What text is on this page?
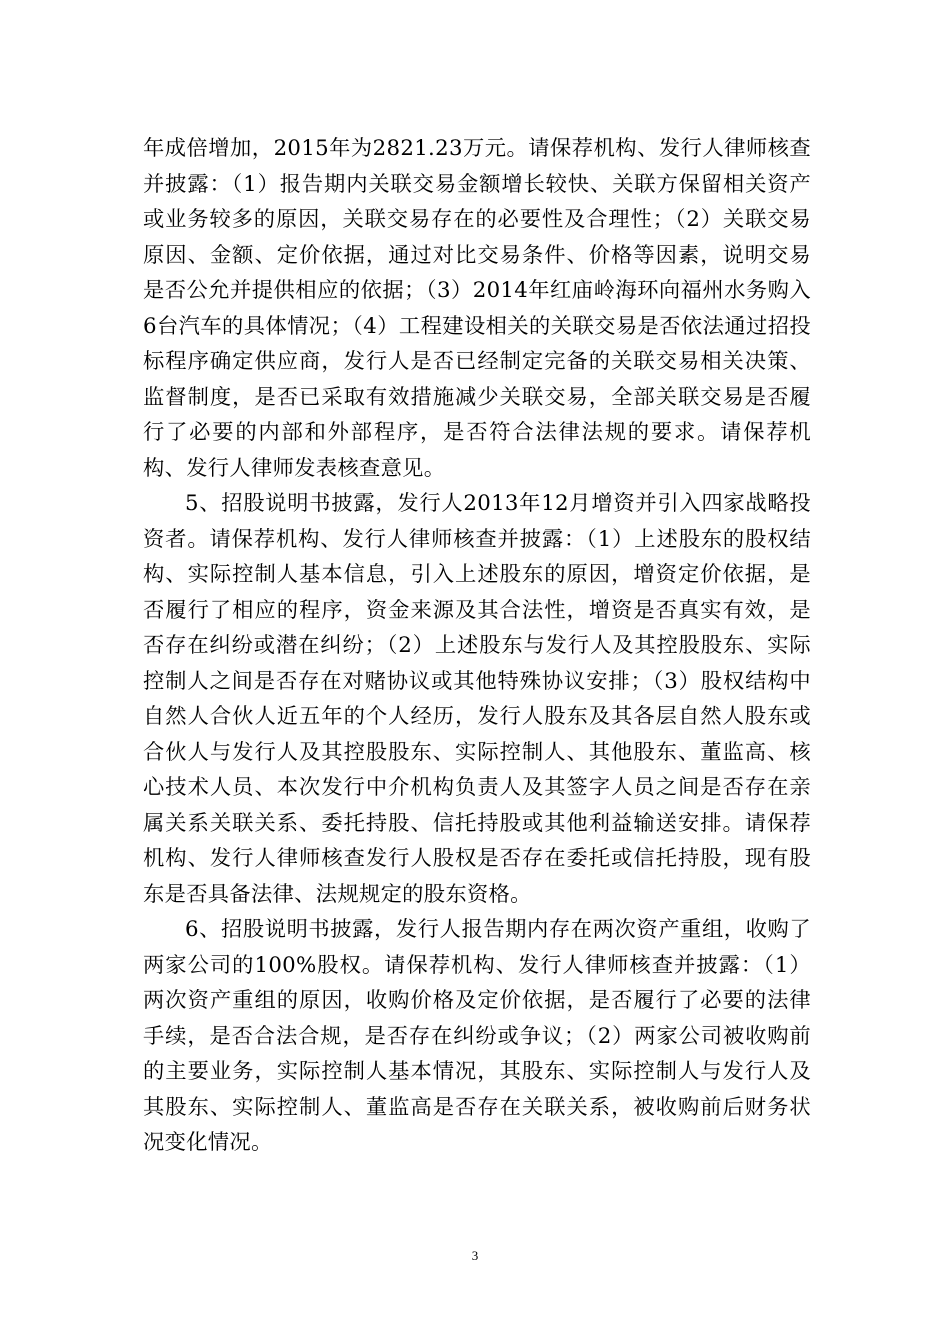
年成倍增加，2015年为2821.23万元。请保荐机构、发行人律师核查并披露：（1）报告期内关联交易金额增长较快、关联方保留相关资产或业务较多的原因，关联交易存在的必要性及合理性；（2）关联交易原因、金额、定价依据，通过对比交易条件、价格等因素，说明交易是否公允并提供相应的依据；（3）2014年红庙岭海环向福州水务购入6台汽车的具体情况；（4）工程建设相关的关联交易是否依法通过招投标程序确定供应商，发行人是否已经制定完备的关联交易相关决策、监督制度，是否已采取有效措施减少关联交易，全部关联交易是否履行了必要的内部和外部程序，是否符合法律法规的要求。请保荐机构、发行人律师发表核查意见。

5、招股说明书披露，发行人2013年12月增资并引入四家战略投资者。请保荐机构、发行人律师核查并披露：（1）上述股东的股权结构、实际控制人基本信息，引入上述股东的原因，增资定价依据，是否履行了相应的程序，资金来源及其合法性，增资是否真实有效，是否存在纠纷或潜在纠纷；（2）上述股东与发行人及其控股股东、实际控制人之间是否存在对赌协议或其他特殊协议安排；（3）股权结构中自然人合伙人近五年的个人经历，发行人股东及其各层自然人股东或合伙人与发行人及其控股股东、实际控制人、其他股东、董监高、核心技术人员、本次发行中介机构负责人及其签字人员之间是否存在亲属关系关联关系、委托持股、信托持股或其他利益输送安排。请保荐机构、发行人律师核查发行人股权是否存在委托或信托持股，现有股东是否具备法律、法规规定的股东资格。

6、招股说明书披露，发行人报告期内存在两次资产重组，收购了两家公司的100%股权。请保荐机构、发行人律师核查并披露：（1）两次资产重组的原因，收购价格及定价依据，是否履行了必要的法律手续，是否合法合规，是否存在纠纷或争议；（2）两家公司被收购前的主要业务，实际控制人基本情况，其股东、实际控制人与发行人及其股东、实际控制人、董监高是否存在关联关系，被收购前后财务状况变化情况。

3
